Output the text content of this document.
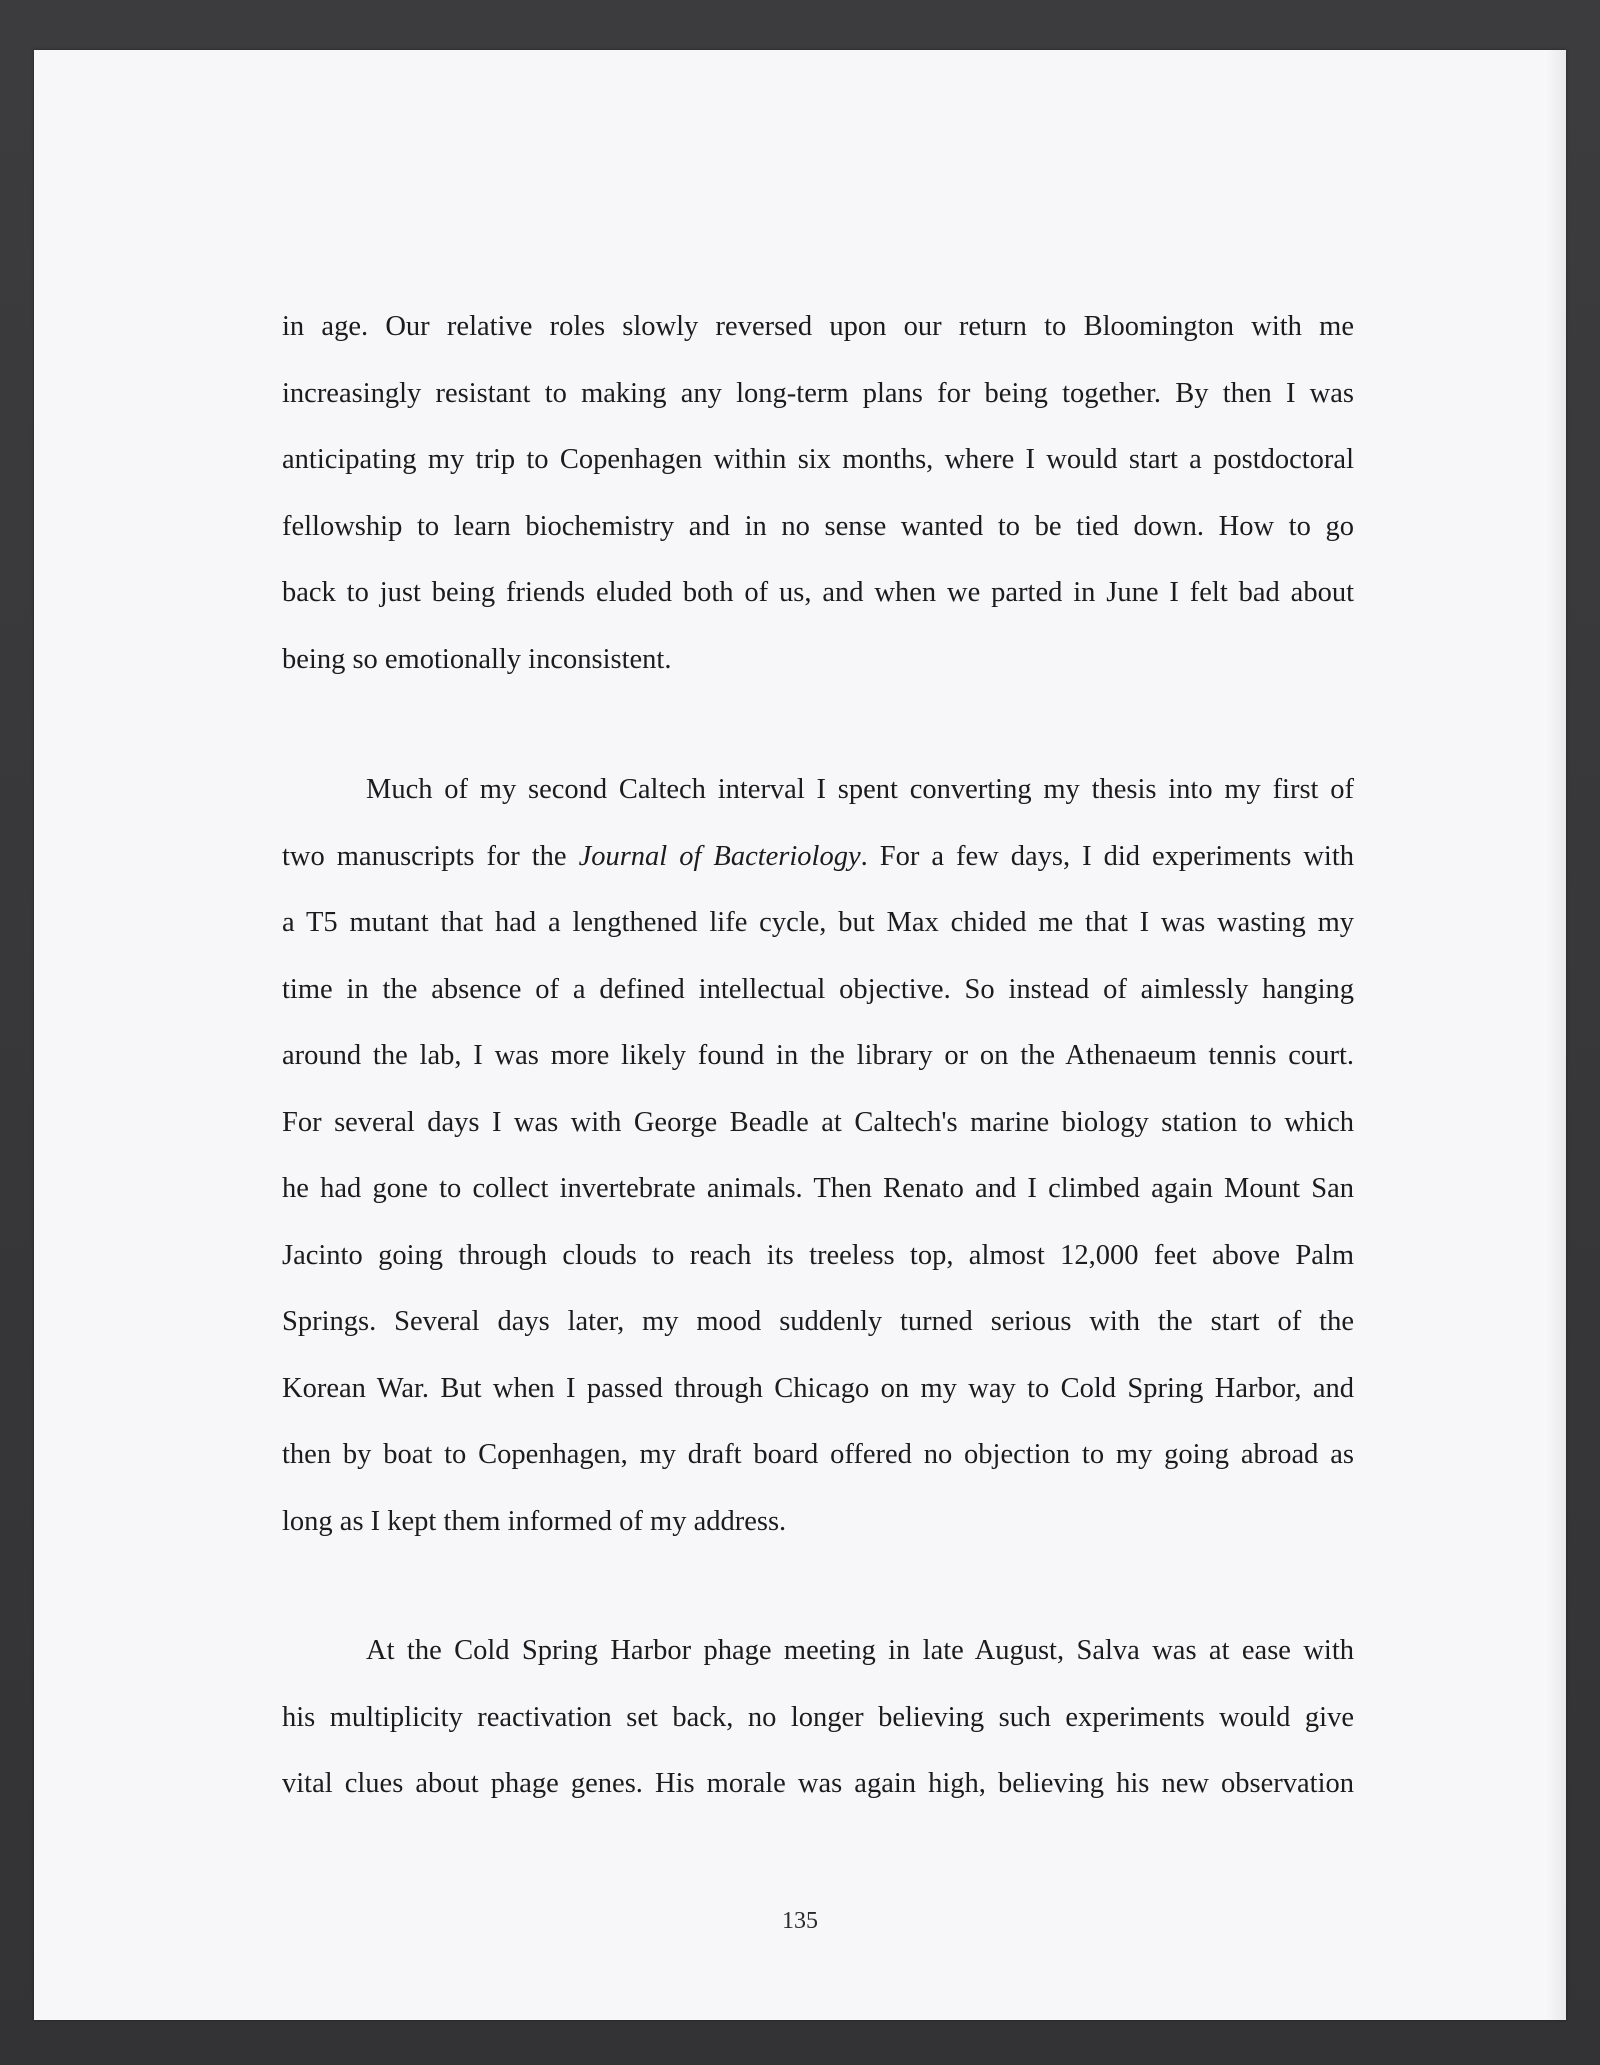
in age. Our relative roles slowly reversed upon our return to Bloomington with me
increasingly resistant to making any long-term plans for being together. By then I was
anticipating my trip to Copenhagen within six months, where I would start a postdoctoral
fellowship to learn biochemistry and in no sense wanted to be tied down. How to go
back to just being friends eluded both of us, and when we parted in June I felt bad about
being so emotionally inconsistent.
Much of my second Caltech interval I spent converting my thesis into my first of
two manuscripts for the Journal of Bacteriology. For a few days, I did experiments with
a T5 mutant that had a lengthened life cycle, but Max chided me that I was wasting my
time in the absence of a defined intellectual objective. So instead of aimlessly hanging
around the lab, I was more likely found in the library or on the Athenaeum tennis court.
For several days I was with George Beadle at Caltech's marine biology station to which
he had gone to collect invertebrate animals. Then Renato and I climbed again Mount San
Jacinto going through clouds to reach its treeless top, almost 12,000 feet above Palm
Springs. Several days later, my mood suddenly turned serious with the start of the
Korean War. But when I passed through Chicago on my way to Cold Spring Harbor, and
then by boat to Copenhagen, my draft board offered no objection to my going abroad as
long as I kept them informed of my address.
At the Cold Spring Harbor phage meeting in late August, Salva was at ease with
his multiplicity reactivation set back, no longer believing such experiments would give
vital clues about phage genes. His morale was again high, believing his new observation
135
